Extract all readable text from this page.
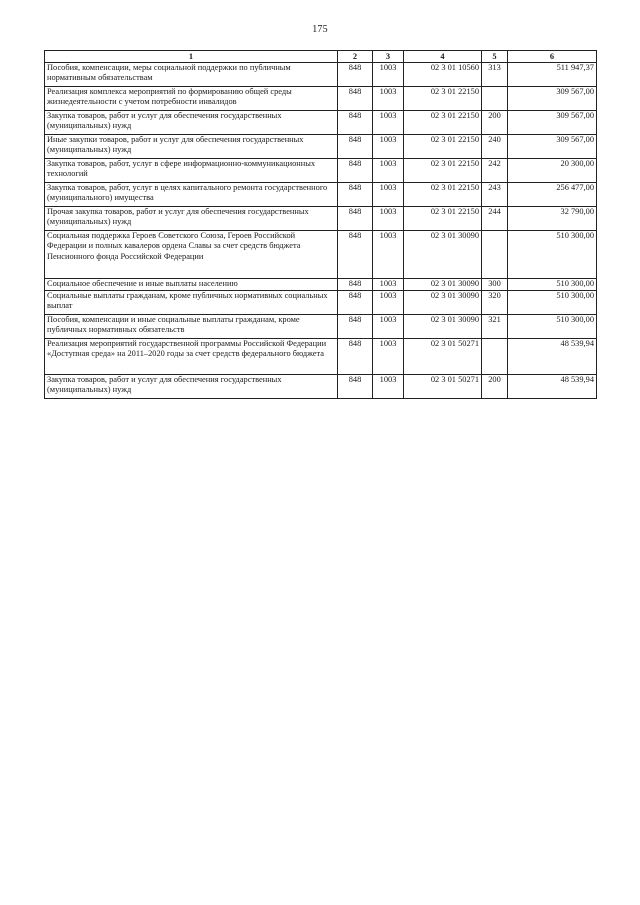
175
1	2	3	4	5	6
Пособия, компенсации, меры социальной поддержки по публичным нормативным обязательствам	848	1003	02 3 01 10560	313	511 947,37
Реализация комплекса мероприятий по формированию общей среды жизнедеятельности с учетом потребности инвалидов	848	1003	02 3 01 22150		309 567,00
Закупка товаров, работ и услуг для обеспечения государственных (муниципальных) нужд	848	1003	02 3 01 22150	200	309 567,00
Иные закупки товаров, работ и услуг для обеспечения государственных (муниципальных) нужд	848	1003	02 3 01 22150	240	309 567,00
Закупка товаров, работ, услуг в сфере информационно-коммуникационных технологий	848	1003	02 3 01 22150	242	20 300,00
Закупка товаров, работ, услуг в целях капитального ремонта государственного (муниципального) имущества	848	1003	02 3 01 22150	243	256 477,00
Прочая закупка товаров, работ и услуг для обеспечения государственных (муниципальных) нужд	848	1003	02 3 01 22150	244	32 790,00
Социальная поддержка Героев Советского Союза, Героев Российской Федерации и полных кавалеров ордена Славы за счет средств бюджета Пенсионного фонда Российской Федерации	848	1003	02 3 01 30090		510 300,00
Социальное обеспечение и иные выплаты населению	848	1003	02 3 01 30090	300	510 300,00
Социальные выплаты гражданам, кроме публичных нормативных социальных выплат	848	1003	02 3 01 30090	320	510 300,00
Пособия, компенсации и иные социальные выплаты гражданам, кроме публичных нормативных обязательств	848	1003	02 3 01 30090	321	510 300,00
Реализация мероприятий государственной программы Российской Федерации «Доступная среда» на 2011–2020 годы за счет средств федерального бюджета	848	1003	02 3 01 50271		48 539,94
Закупка товаров, работ и услуг для обеспечения государственных (муниципальных) нужд	848	1003	02 3 01 50271	200	48 539,94
